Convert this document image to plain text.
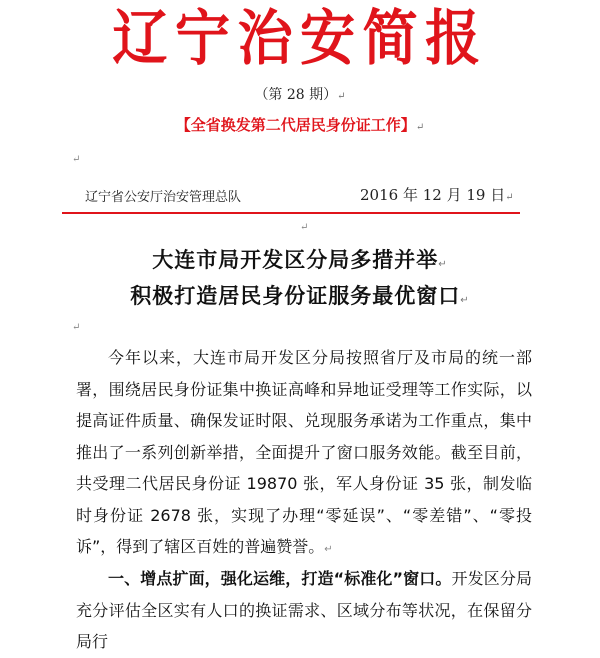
辽宁治安简报
（第 28 期）↵
【全省换发第二代居民身份证工作】↵
↵
辽宁省公安厅治安管理总队	2016 年 12 月 19 日↵
↵
大连市局开发区分局多措并举↵
积极打造居民身份证服务最优窗口↵
↵

今年以来，大连市局开发区分局按照省厅及市局的统一部署，围绕居民身份证集中换证高峰和异地证受理等工作实际，以提高证件质量、确保发证时限、兑现服务承诺为工作重点，集中推出了一系列创新举措，全面提升了窗口服务效能。截至目前，共受理二代居民身份证 19870 张，军人身份证 35 张，制发临时身份证 2678 张，实现了办理“零延误”、“零差错”、“零投诉”，得到了辖区百姓的普遍赞誉。↵

一、增点扩面，强化运维，打造“标准化”窗口。开发区分局充分评估全区实有人口的换证需求、区域分布等状况，在保留分局行
